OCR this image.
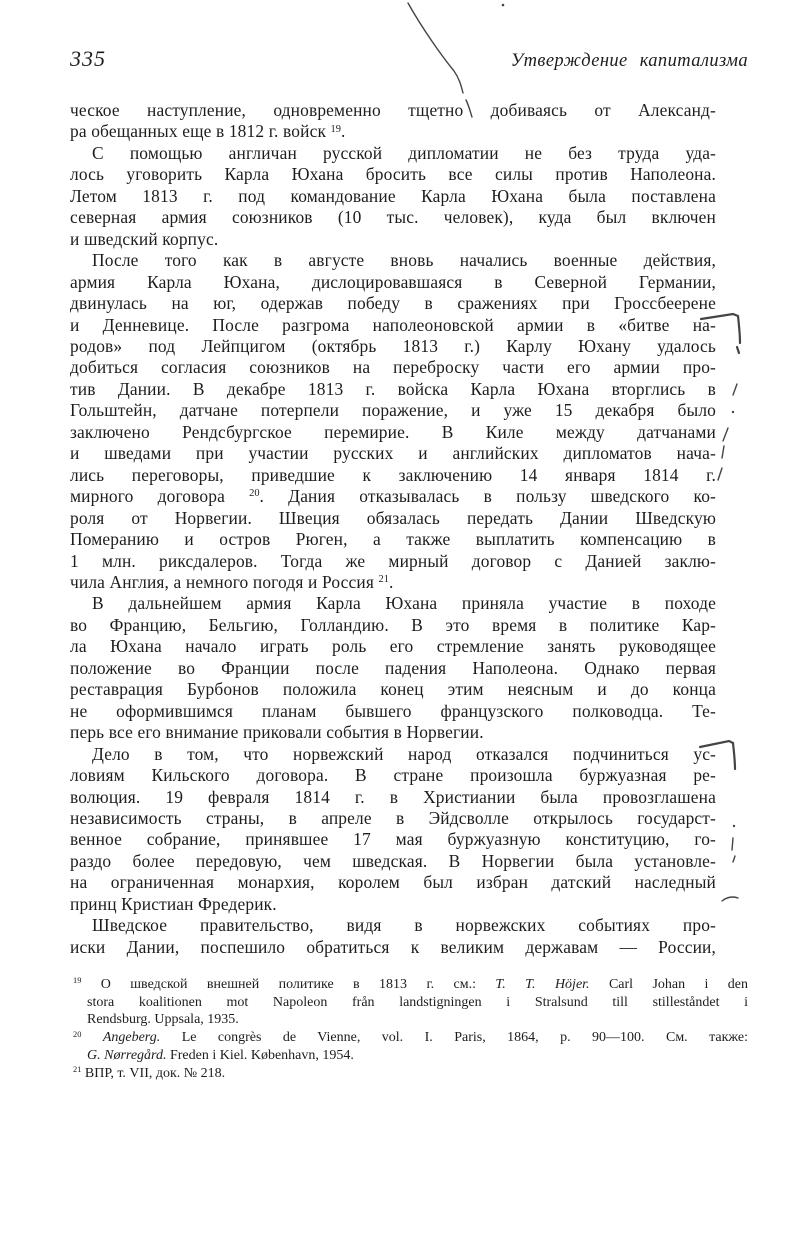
335	Утверждение капитализма
ческое наступление, одновременно тщетно добиваясь от Александ-
ра обещанных еще в 1812 г. войск $^{19}$.
С помощью англичан русской дипломатии не без труда уда-
лось уговорить Карла Юхана бросить все силы против Наполеона.
Летом 1813 г. под командование Карла Юхана была поставлена
северная армия союзников (10 тыс. человек), куда был включен
и шведский корпус.
После того как в августе вновь начались военные действия,
армия Карла Юхана, дислоцировавшаяся в Северной Германии,
двинулась на юг, одержав победу в сражениях при Гроссбеерене
и Денневице. После разгрома наполеоновской армии в «битве на-
родов» под Лейпцигом (октябрь 1813 г.) Карлу Юхану удалось
добиться согласия союзников на переброску части его армии про-
тив Дании. В декабре 1813 г. войска Карла Юхана вторглись в
Гольштейн, датчане потерпели поражение, и уже 15 декабря было
заключено Рендсбургское перемирие. В Киле между датчанами
и шведами при участии русских и английских дипломатов нача-
лись переговоры, приведшие к заключению 14 января 1814 г.
мирного договора $^{20}$. Дания отказывалась в пользу шведского ко-
роля от Норвегии. Швеция обязалась передать Дании Шведскую
Померанию и остров Рюген, а также выплатить компенсацию в
1 млн. риксдалеров. Тогда же мирный договор с Данией заклю-
чила Англия, а немного погодя и Россия $^{21}$.
В дальнейшем армия Карла Юхана приняла участие в походе
во Францию, Бельгию, Голландию. В это время в политике Кар-
ла Юхана начало играть роль его стремление занять руководящее
положение во Франции после падения Наполеона. Однако первая
реставрация Бурбонов положила конец этим неясным и до конца
не оформившимся планам бывшего французского полководца. Те-
перь все его внимание приковали события в Норвегии.
Дело в том, что норвежский народ отказался подчиниться ус-
ловиям Кильского договора. В стране произошла буржуазная ре-
волюция. 19 февраля 1814 г. в Христиании была провозглашена
независимость страны, в апреле в Эйдсволле открылось государст-
венное собрание, принявшее 17 мая буржуазную конституцию, го-
раздо более передовую, чем шведская. В Норвегии была установле-
на ограниченная монархия, королем был избран датский наследный
принц Кристиан Фредерик.
Шведское правительство, видя в норвежских событиях про-
иски Дании, поспешило обратиться к великим державам — России,
$^{19}$ О шведской внешней политике в 1813 г. см.: Т. Т. Höjer. Carl Johan i den
stora koalitionen mot Napoleon från landstigningen i Stralsund till stilleståndet i
Rendsburg. Uppsala, 1935.
$^{20}$ Angeberg. Le congrès de Vienne, vol. I. Paris, 1864, p. 90—100. См. также:
G. Nørregård. Freden i Kiel. København, 1954.
$^{21}$ ВПР, т. VII, док. № 218.
